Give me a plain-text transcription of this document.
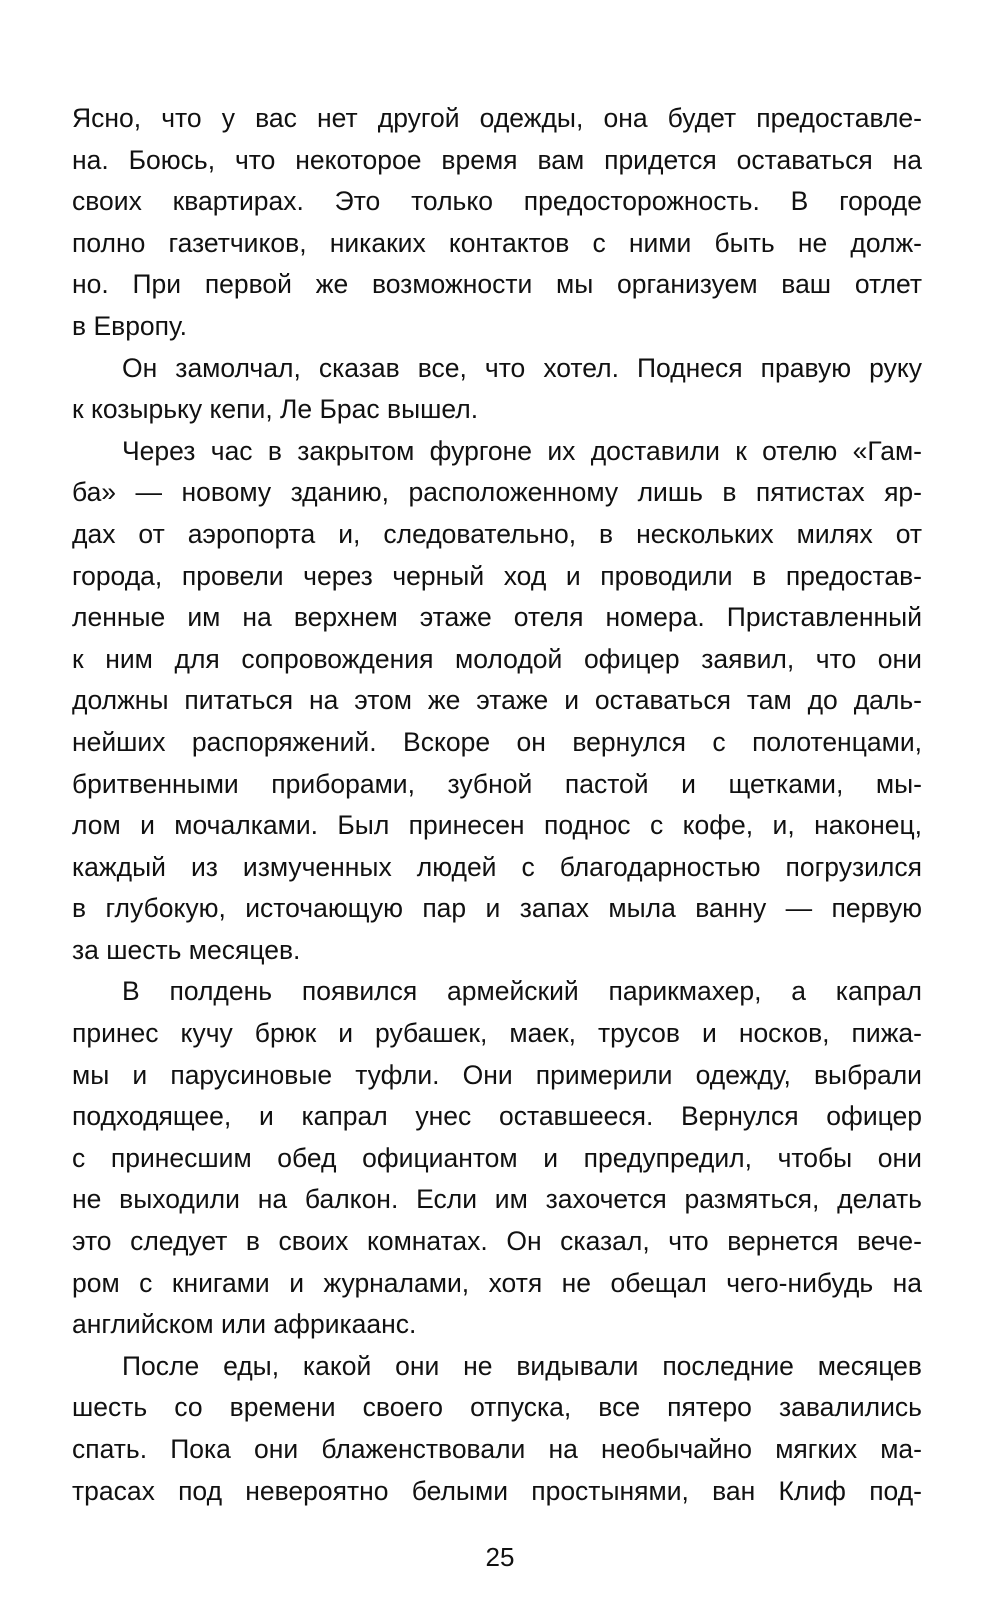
Ясно, что у вас нет другой одежды, она будет предоставле-
на. Боюсь, что некоторое время вам придется оставаться на
своих квартирах. Это только предосторожность. В городе
полно газетчиков, никаких контактов с ними быть не долж-
но. При первой же возможности мы организуем ваш отлет
в Европу.
Он замолчал, сказав все, что хотел. Поднеся правую руку
к козырьку кепи, Ле Брас вышел.
Через час в закрытом фургоне их доставили к отелю «Гам-
ба» — новому зданию, расположенному лишь в пятистах яр-
дах от аэропорта и, следовательно, в нескольких милях от
города, провели через черный ход и проводили в предостав-
ленные им на верхнем этаже отеля номера. Приставленный
к ним для сопровождения молодой офицер заявил, что они
должны питаться на этом же этаже и оставаться там до даль-
нейших распоряжений. Вскоре он вернулся с полотенцами,
бритвенными приборами, зубной пастой и щетками, мы-
лом и мочалками. Был принесен поднос с кофе, и, наконец,
каждый из измученных людей с благодарностью погрузился
в глубокую, источающую пар и запах мыла ванну — первую
за шесть месяцев.
В полдень появился армейский парикмахер, а капрал
принес кучу брюк и рубашек, маек, трусов и носков, пижа-
мы и парусиновые туфли. Они примерили одежду, выбрали
подходящее, и капрал унес оставшееся. Вернулся офицер
с принесшим обед официантом и предупредил, чтобы они
не выходили на балкон. Если им захочется размяться, делать
это следует в своих комнатах. Он сказал, что вернется вече-
ром с книгами и журналами, хотя не обещал чего-нибудь на
английском или африкаанс.
После еды, какой они не видывали последние месяцев
шесть со времени своего отпуска, все пятеро завалились
спать. Пока они блаженствовали на необычайно мягких ма-
трасах под невероятно белыми простынями, ван Клиф под-
25
